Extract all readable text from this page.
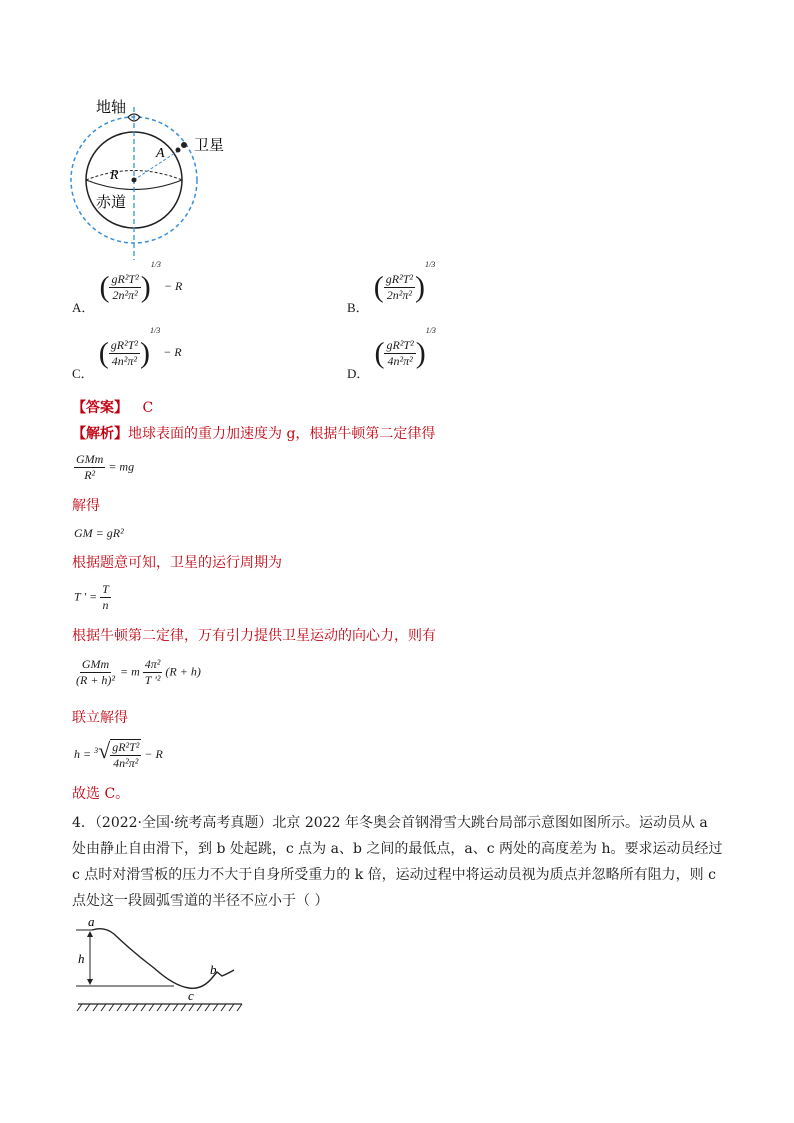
地轴
卫星
A
R
赤道
$_{A.}$ ( $\frac{\text{gR²T²}}{\text{2n²π²}} )^{1/3} - R$
$_{B.}$ ( $\frac{\text{gR²T²}}{\text{2n²π²}} )^{1/3}$
$_{C.}$ ( $\frac{\text{gR²T²}}{\text{4n²π²}} )^{1/3} - R$
$_{D.}$ ( $\frac{\text{gR²T²}}{\text{4n²π²}} )^{1/3}$
【答案】 C
【解析】地球表面的重力加速度为 g，根据牛顿第二定律得
$\frac{\text{GMm}}{\text{R²}}$ = mg
解得
GM = gR²
根据题意可知，卫星的运行周期为
T ' = $\frac{T}{n}$
根据牛顿第二定律，万有引力提供卫星运动的向心力，则有
$\frac{\text{GMm}}{\text{(R + h)²}} = m \frac{\text{4π²}}{\text{T '²}} (R + h)$
联立解得
$h = ^3√ \frac{\text{gR²T²}}{\text{4n²π²}} - R$
故选 C。

4．（2022·全国·统考高考真题）北京 2022 年冬奥会首钢滑雪大跳台局部示意图如图所示。运动员从 a 处由静止自由滑下，到 b 处起跳，c 点为 a、b 之间的最低点，a、c 两处的高度差为 h。要求运动员经过 c 点时对滑雪板的压力不大于自身所受重力的 k 倍，运动过程中将运动员视为质点并忽略所有阻力，则 c 点处这一段圆弧雪道的半径不应小于（ ）

a
h
b
c
